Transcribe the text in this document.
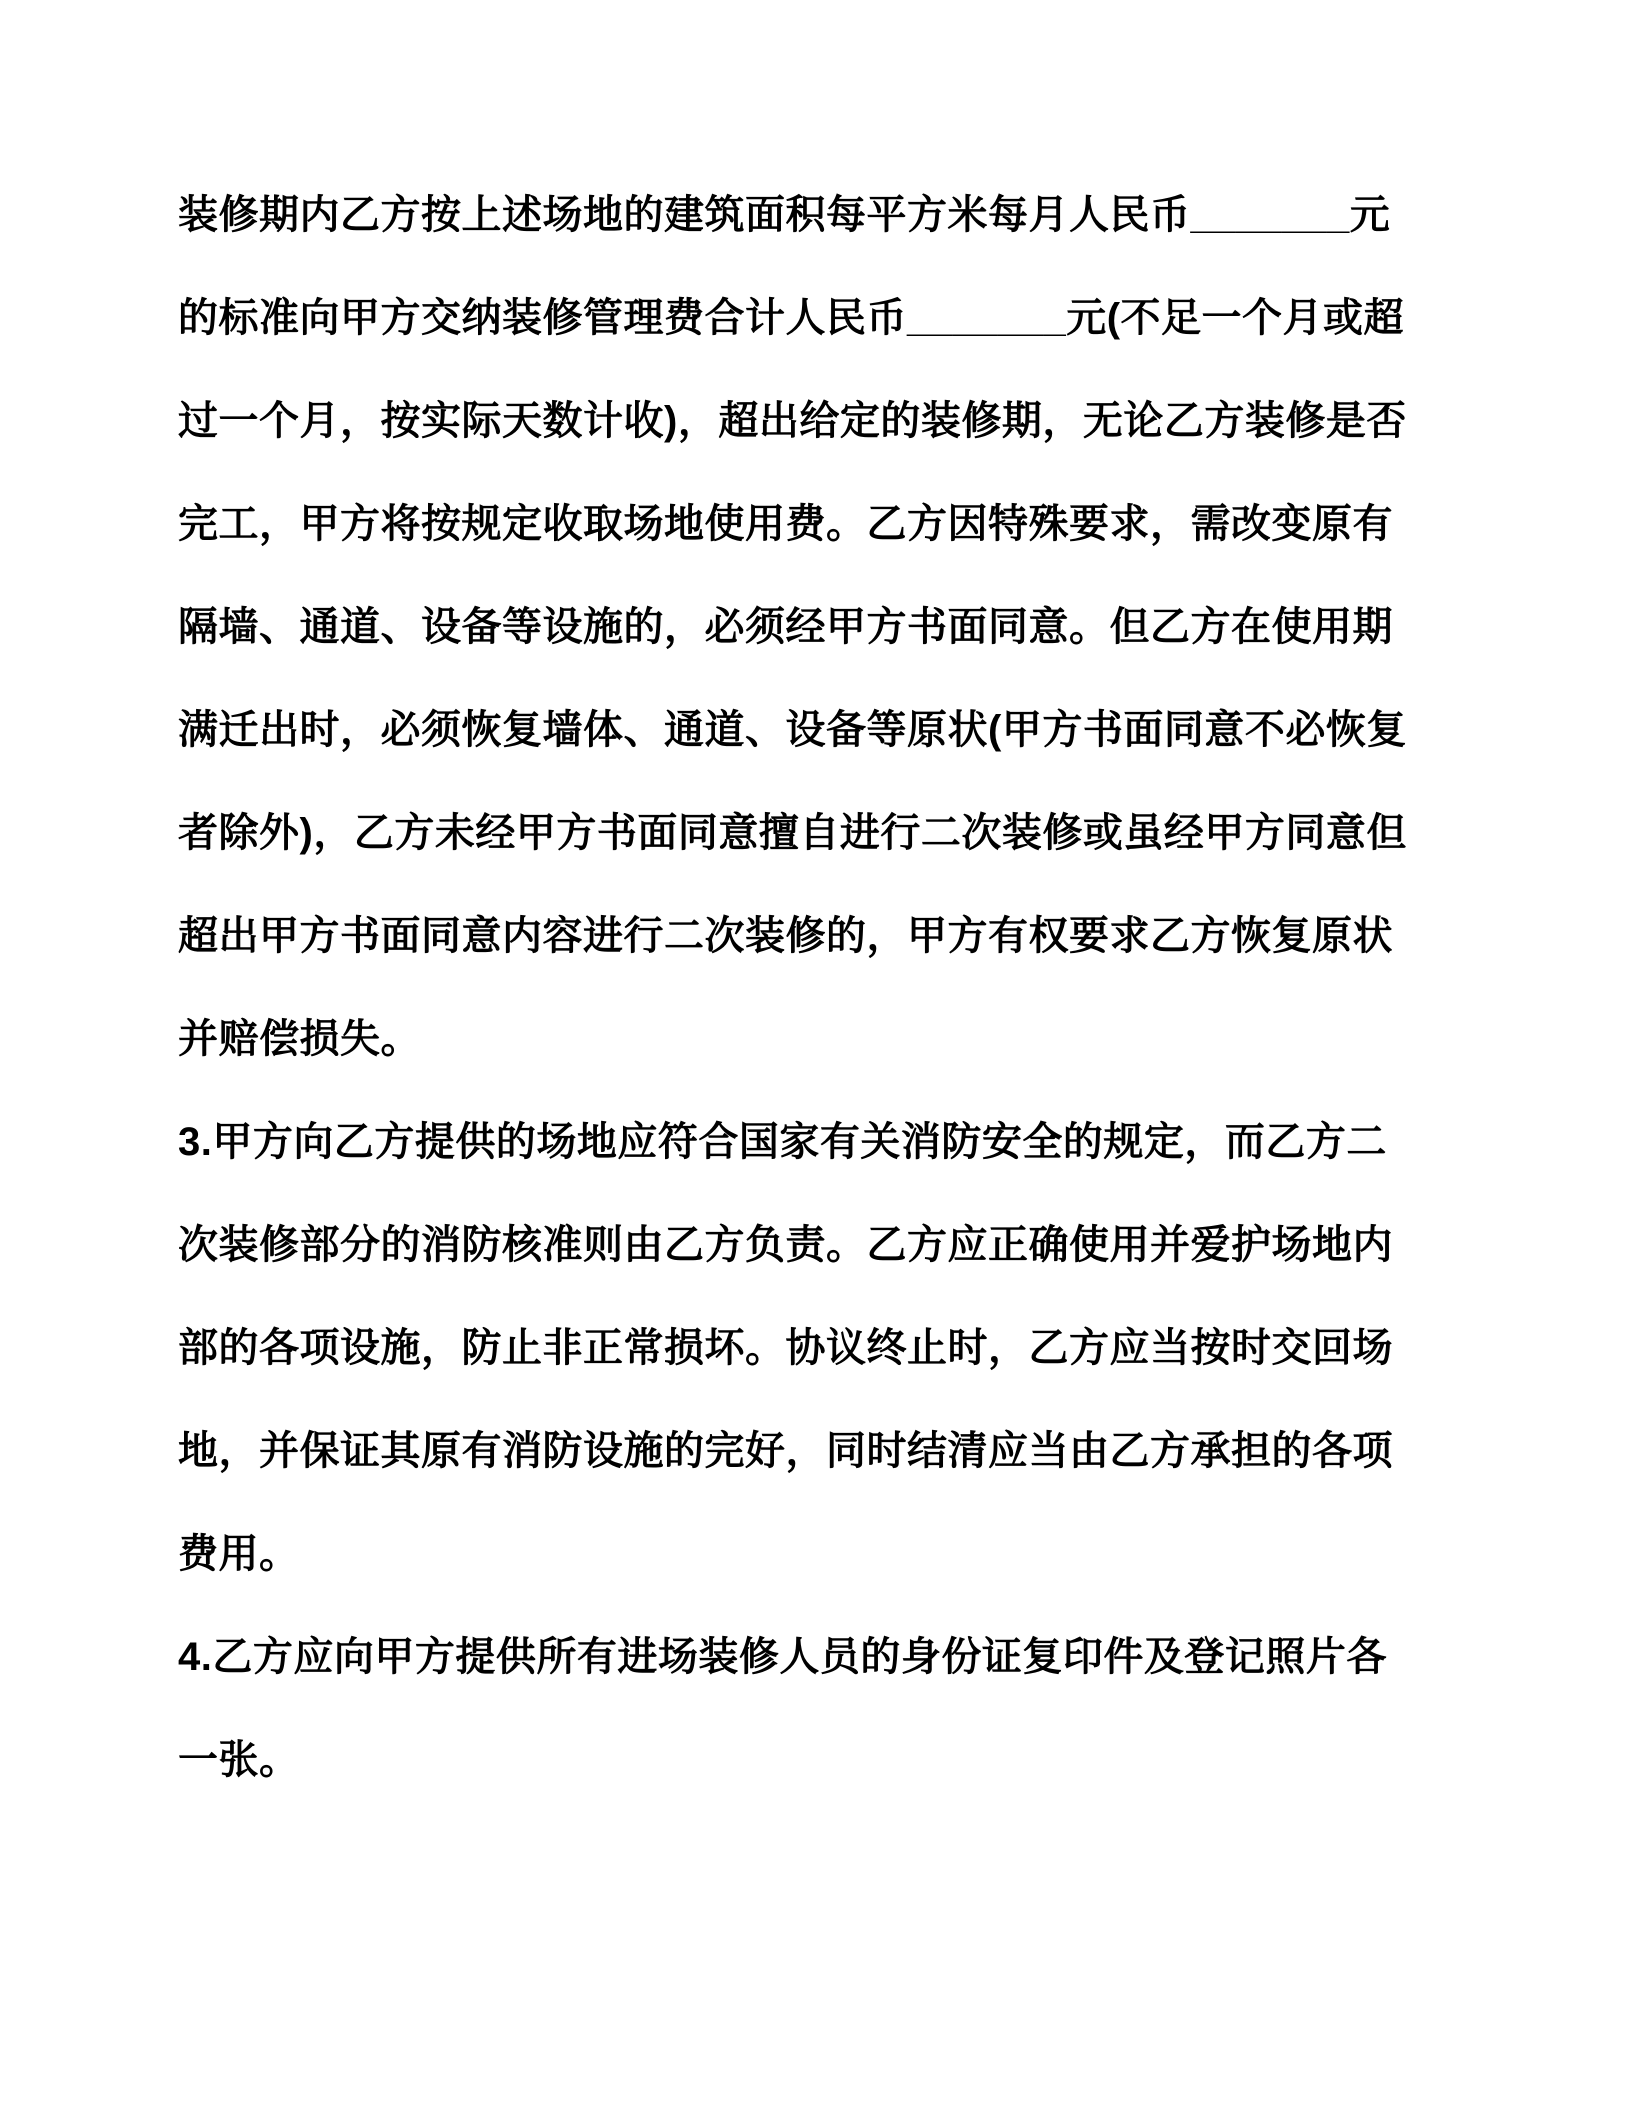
装修期内乙方按上述场地的建筑面积每平方米每月人民币_______元

的标准向甲方交纳装修管理费合计人民币_______元(不足一个月或超

过一个月，按实际天数计收)，超出给定的装修期，无论乙方装修是否

完工，甲方将按规定收取场地使用费。乙方因特殊要求，需改变原有

隔墙、通道、设备等设施的，必须经甲方书面同意。但乙方在使用期

满迁出时，必须恢复墙体、通道、设备等原状(甲方书面同意不必恢复

者除外)，乙方未经甲方书面同意擅自进行二次装修或虽经甲方同意但

超出甲方书面同意内容进行二次装修的，甲方有权要求乙方恢复原状

并赔偿损失。

3.甲方向乙方提供的场地应符合国家有关消防安全的规定，而乙方二

次装修部分的消防核准则由乙方负责。乙方应正确使用并爱护场地内

部的各项设施，防止非正常损坏。协议终止时，乙方应当按时交回场

地，并保证其原有消防设施的完好，同时结清应当由乙方承担的各项

费用。

4.乙方应向甲方提供所有进场装修人员的身份证复印件及登记照片各

一张。
